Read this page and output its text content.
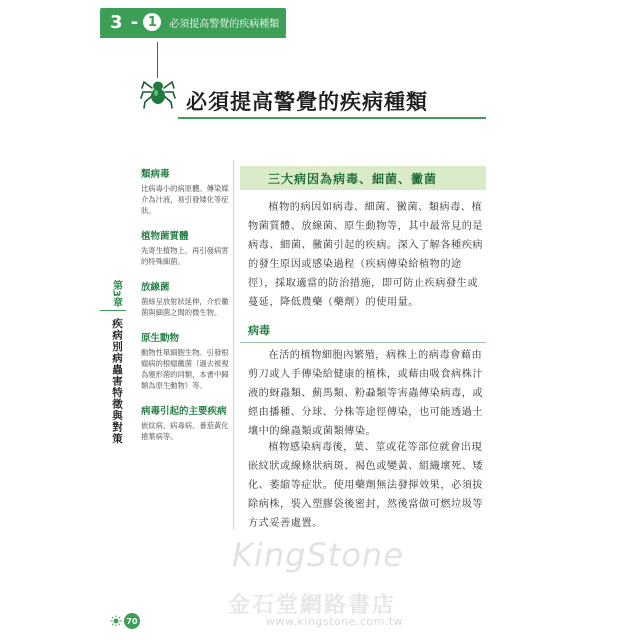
3 - 1	必須提高警覺的疾病種類
必須提高警覺的疾病種類
類病毒
比病毒小的病原體。傳染媒介為汁液，易引發矮化等症狀。
植物菌質體
先寄生植物上，再引發病害的特殊細菌。
放線菌
菌絲呈放射狀延伸，介於黴菌與細菌之間的微生物。
原生動物
動物性單細胞生物。引發根瘤病的根瘤黴菌（過去被視為變形菌的同類，本書中歸類為原生動物）等。
病毒引起的主要疾病
嵌紋病、病毒病、番茄黃化捲葉病等。
第3章
疾病別病蟲害特徵與對策
三大病因為病毒、細菌、黴菌
植物的病因如病毒、細菌、黴菌、類病毒、植物菌質體、放線菌、原生動物等，其中最常見的是病毒、細菌、黴菌引起的疾病。深入了解各種疾病的發生原因或感染過程（疾病傳染給植物的途徑），採取適當的防治措施，即可防止疾病發生或蔓延，降低農藥（藥劑）的使用量。
病毒
在活的植物細胞內繁殖，病株上的病毒會藉由剪刀或人手傳染給健康的植株，或藉由吸食病株汁液的蚜蟲類、薊馬類、粉蝨類等害蟲傳染病毒，或經由播種、分球、分株等途徑傳染，也可能透過土壤中的線蟲類或菌類傳染。
植物感染病毒後，葉、莖或花等部位就會出現嵌紋狀或線條狀病斑、褐色或變黃、組織壞死、矮化、萎縮等症狀。使用藥劑無法發揮效果，必須拔除病株，裝入塑膠袋後密封，然後當做可燃垃圾等方式妥善處置。
KingStone
金石堂網路書店
www.kingstone.com.tw
70
